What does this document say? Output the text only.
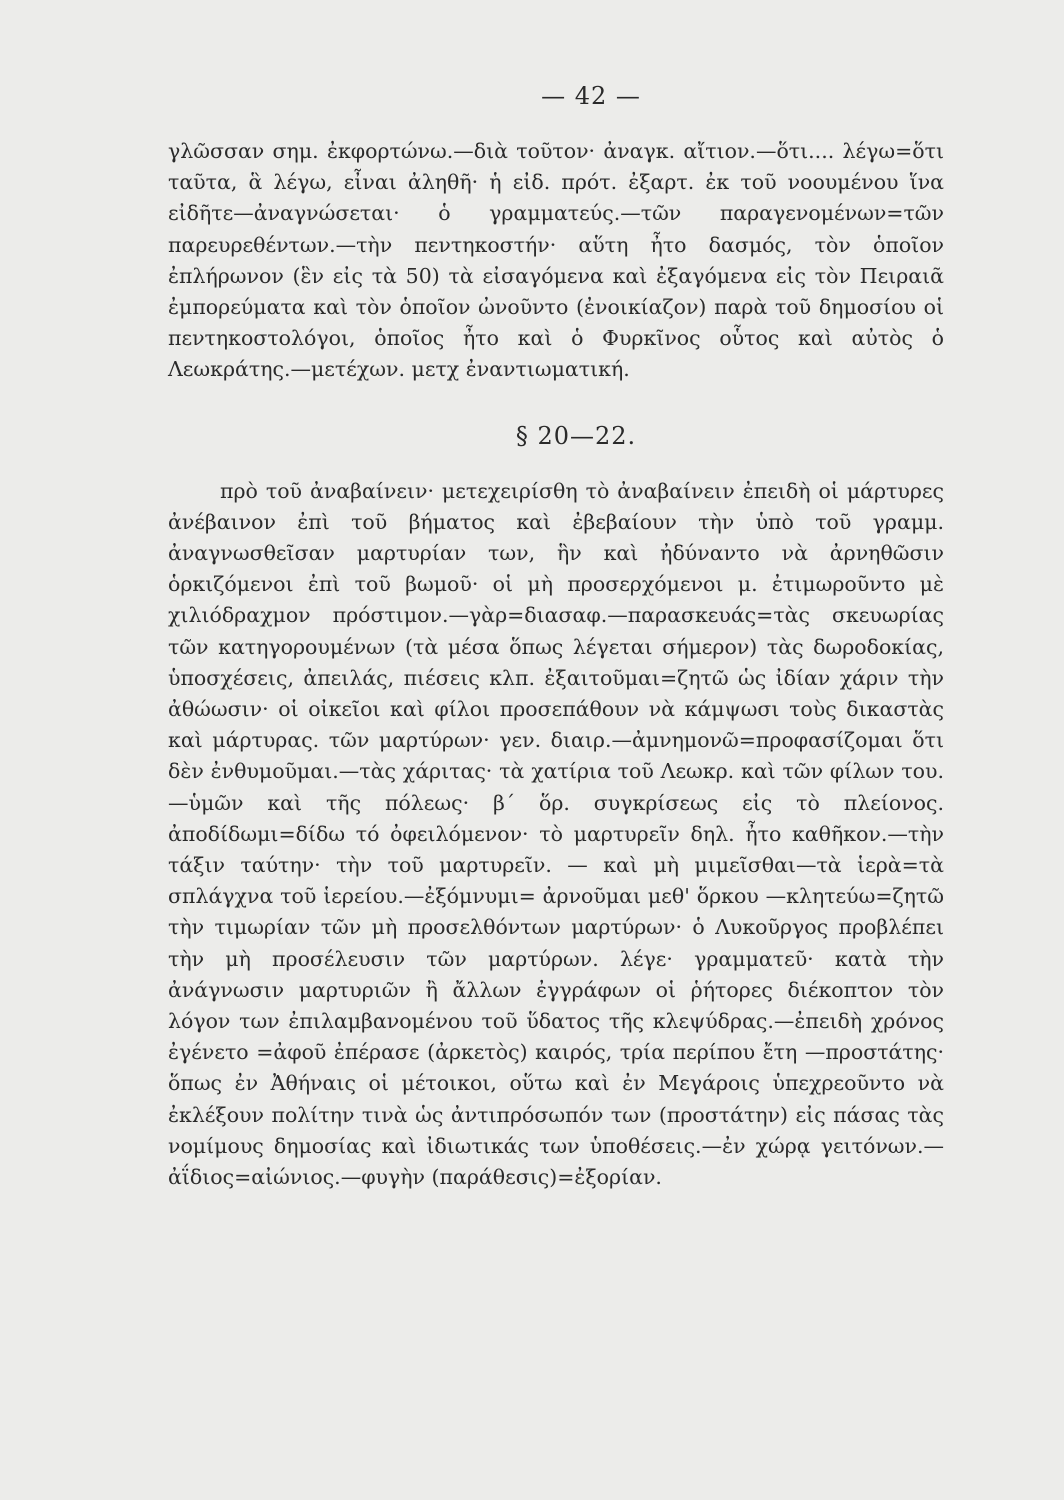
— 42 —

γλῶσσαν σημ. ἐκφορτώνω.—διὰ τοῦτον· ἀναγκ. αἴτιον.—ὅτι.... λέγω=ὅτι ταῦτα, ἃ λέγω, εἶναι ἀληθῆ· ἡ εἰδ. πρότ. ἐξαρτ. ἐκ τοῦ νοουμένου ἵνα εἰδῆτε—ἀναγνώσεται· ὁ γραμματεύς.—τῶν παραγενομένων=τῶν παρευρεθέντων.—τὴν πεντηκοστήν· αὕτη ἦτο δασμός, τὸν ὁποῖον ἐπλήρωνον (ἓν εἰς τὰ 50) τὰ εἰσαγόμενα καὶ ἐξαγόμενα εἰς τὸν Πειραιᾶ ἐμπορεύματα καὶ τὸν ὁποῖον ὠνοῦντο (ἐνοικίαζον) παρὰ τοῦ δημοσίου οἱ πεντηκοστολόγοι, ὁποῖος ἦτο καὶ ὁ Φυρκῖνος οὗτος καὶ αὐτὸς ὁ Λεωκράτης.—μετέχων. μετχ ἐναντιωματική.

§ 20—22.

πρὸ τοῦ ἀναβαίνειν· μετεχειρίσθη τὸ ἀναβαίνειν ἐπειδὴ οἱ μάρτυρες ἀνέβαινον ἐπὶ τοῦ βήματος καὶ ἐβεβαίουν τὴν ὑπὸ τοῦ γραμμ. ἀναγνωσθεῖσαν μαρτυρίαν των, ἣν καὶ ἠδύναντο νὰ ἀρνηθῶσιν ὁρκιζόμενοι ἐπὶ τοῦ βωμοῦ· οἱ μὴ προσερχόμενοι μ. ἐτιμωροῦντο μὲ χιλιόδραχμον πρόστιμον.—γὰρ=διασαφ.—παρασκευάς=τὰς σκευωρίας τῶν κατηγορουμένων (τὰ μέσα ὅπως λέγεται σήμερον) τὰς δωροδοκίας, ὑποσχέσεις, ἀπειλάς, πιέσεις κλπ. ἐξαιτοῦμαι=ζητῶ ὡς ἰδίαν χάριν τὴν ἀθώωσιν· οἱ οἰκεῖοι καὶ φίλοι προσεπάθουν νὰ κάμψωσι τοὺς δικαστὰς καὶ μάρτυρας. τῶν μαρτύρων· γεν. διαιρ.—ἀμνημονῶ=προφασίζομαι ὅτι δὲν ἐνθυμοῦμαι.—τὰς χάριτας· τὰ χατίρια τοῦ Λεωκρ. καὶ τῶν φίλων του.—ὑμῶν καὶ τῆς πόλεως· β΄ ὅρ. συγκρίσεως εἰς τὸ πλείονος. ἀποδίδωμι=δίδω τό ὀφειλόμενον· τὸ μαρτυρεῖν δηλ. ἦτο καθῆκον.—τὴν τάξιν ταύτην· τὴν τοῦ μαρτυρεῖν. — καὶ μὴ μιμεῖσθαι—τὰ ἱερὰ=τὰ σπλάγχνα τοῦ ἱερείου.—ἐξόμνυμι= ἀρνοῦμαι μεθ' ὅρκου —κλητεύω=ζητῶ τὴν τιμωρίαν τῶν μὴ προσελθόντων μαρτύρων· ὁ Λυκοῦργος προβλέπει τὴν μὴ προσέλευσιν τῶν μαρτύρων. λέγε· γραμματεῦ· κατὰ τὴν ἀνάγνωσιν μαρτυριῶν ἢ ἄλλων ἐγγράφων οἱ ῥήτορες διέκοπτον τὸν λόγον των ἐπιλαμβανομένου τοῦ ὕδατος τῆς κλεψύδρας.—ἐπειδὴ χρόνος ἐγένετο =ἀφοῦ ἐπέρασε (ἀρκετὸς) καιρός, τρία περίπου ἔτη —προστάτης· ὅπως ἐν Ἀθήναις οἱ μέτοικοι, οὕτω καὶ ἐν Μεγάροις ὑπεχρεοῦντο νὰ ἐκλέξουν πολίτην τινὰ ὡς ἀντιπρόσωπόν των (προστάτην) εἰς πάσας τὰς νομίμους δημοσίας καὶ ἰδιωτικάς των ὑποθέσεις.—ἐν χώρᾳ γειτόνων.—ἀΐδιος=αἰώνιος.—φυγὴν (παράθεσις)=ἐξορίαν.
